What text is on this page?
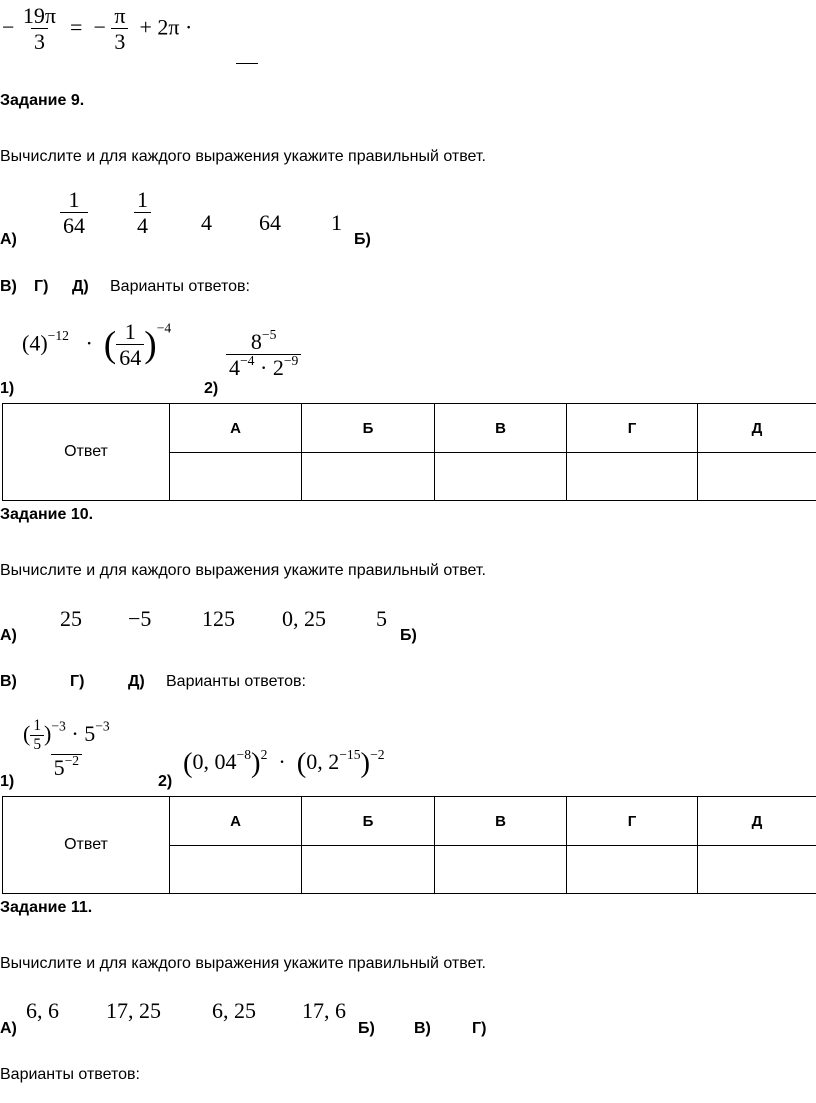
− $\frac{19\pi}{3}$ = − $\frac{\pi}{3} + 2\pi$ ·
Задание 9.
Вычислите и для каждого выражения укажите правильный ответ.
$\frac{1}{64} \frac{1}{4} 4$ 64 1
А)	Б)
В) Г) Д) Варианты ответов:
$(4)^{-12}$ · ( $\frac{1}{64} )^{-4}$
$\frac{8^{-5}}{4^{-4} \cdot 2^{-9}}$
1)	2)
Ответ	А	Б	В	Г	Д

Задание 10.
Вычислите и для каждого выражения укажите правильный ответ.
25 −5 125 0, 25 5
А)	Б)
В)	Г)	Д) Варианты ответов:
$\frac{( \frac{1}{5} )^{-3} \cdot 5^{-3}}{5^{-2}} (0$, $04^{-8})^2 \cdot (0$, $2^{-15})^{-2}$
1)	2)
Ответ	А	Б	В	Г	Д

Задание 11.
Вычислите и для каждого выражения укажите правильный ответ.
6, 6 17, 25 6, 25 17, 6
А)	Б) В)	Г)
Варианты ответов:
